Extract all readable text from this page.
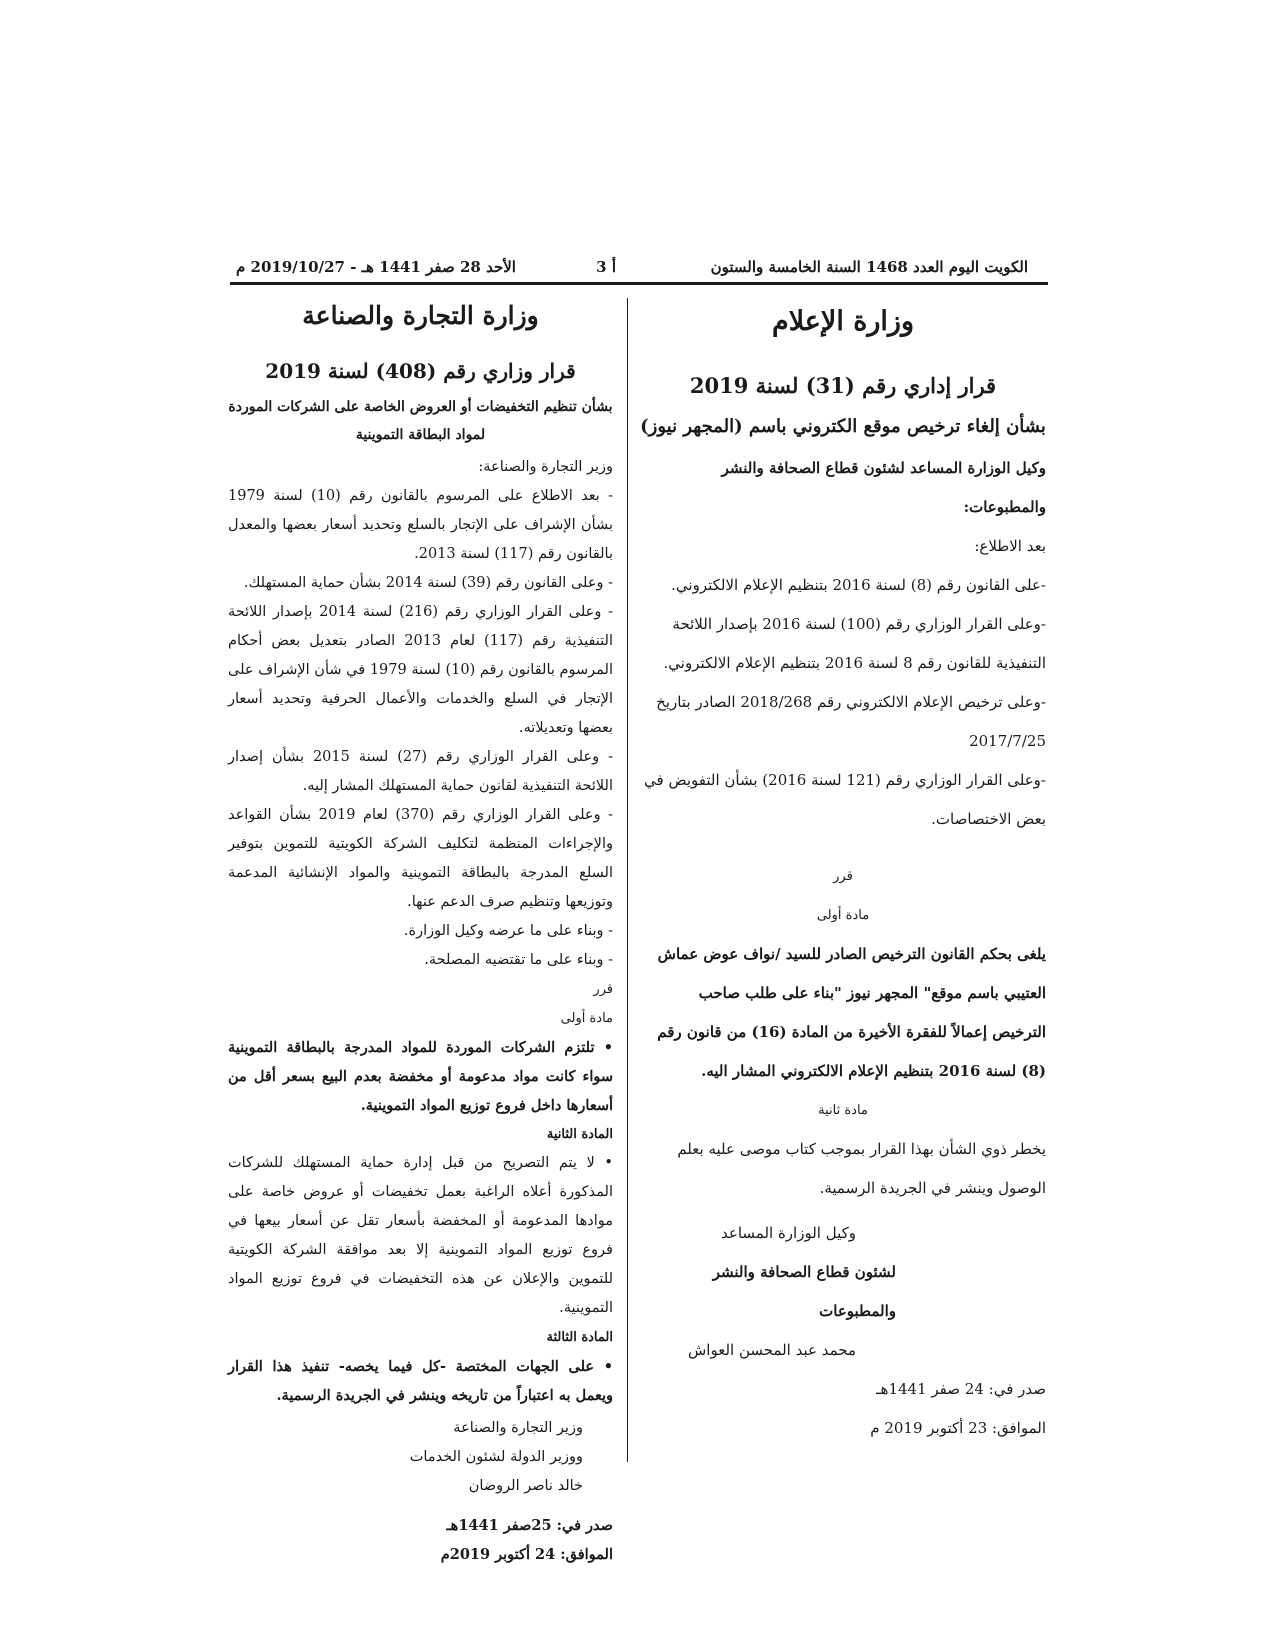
الكويت اليوم العدد 1468 السنة الخامسة والستون
أ 3
الأحد 28 صفر 1441 هـ - 2019/10/27 م

وزارة الإعلام

قرار إداري رقم (31) لسنة 2019

بشأن إلغاء ترخيص موقع الكتروني باسم (المجهر نيوز)

وكيل الوزارة المساعد لشئون قطاع الصحافة والنشر والمطبوعات:

بعد الاطلاع:

-على القانون رقم (8) لسنة 2016 بتنظيم الإعلام الالكتروني.

-وعلى القرار الوزاري رقم (100) لسنة 2016 بإصدار اللائحة التنفيذية للقانون رقم 8 لسنة 2016 بتنظيم الإعلام الالكتروني.

-وعلى ترخيص الإعلام الالكتروني رقم 2018/268 الصادر بتاريخ 2017/7/25

-وعلى القرار الوزاري رقم (121 لسنة 2016) بشأن التفويض في بعض الاختصاصات.

قرر

مادة أولى

يلغى بحكم القانون الترخيص الصادر للسيد /نواف عوض عماش العتيبي باسم موقع" المجهر نيوز "بناء على طلب صاحب الترخيص إعمالاً للفقرة الأخيرة من المادة (16) من قانون رقم (8) لسنة 2016 بتنظيم الإعلام الالكتروني المشار اليه.

مادة ثانية

يخطر ذوي الشأن بهذا القرار بموجب كتاب موصى عليه بعلم الوصول وينشر في الجريدة الرسمية.

وكيل الوزارة المساعد

لشئون قطاع الصحافة والنشر والمطبوعات

محمد عبد المحسن العواش

صدر في: 24 صفر 1441هـ

الموافق: 23 أكتوبر 2019 م

وزارة التجارة والصناعة

قرار وزاري رقم (408) لسنة 2019

بشأن تنظيم التخفيضات أو العروض الخاصة على الشركات الموردة لمواد البطاقة التموينية

وزير التجارة والصناعة:

- بعد الاطلاع على المرسوم بالقانون رقم (10) لسنة 1979 بشأن الإشراف على الإتجار بالسلع وتحديد أسعار بعضها والمعدل بالقانون رقم (117) لسنة 2013.

- وعلى القانون رقم (39) لسنة 2014 بشأن حماية المستهلك.

- وعلى القرار الوزاري رقم (216) لسنة 2014 بإصدار اللائحة التنفيذية رقم (117) لعام 2013 الصادر بتعديل بعض أحكام المرسوم بالقانون رقم (10) لسنة 1979 في شأن الإشراف على الإتجار في السلع والخدمات والأعمال الحرفية وتحديد أسعار بعضها وتعديلاته.

- وعلى القرار الوزاري رقم (27) لسنة 2015 بشأن إصدار اللائحة التنفيذية لقانون حماية المستهلك المشار إليه.

- وعلى القرار الوزاري رقم (370) لعام 2019 بشأن القواعد والإجراءات المنظمة لتكليف الشركة الكويتية للتموين بتوفير السلع المدرجة بالبطاقة التموينية والمواد الإنشائية المدعمة وتوزيعها وتنظيم صرف الدعم عنها.

- وبناء على ما عرضه وكيل الوزارة.

- وبناء على ما تقتضيه المصلحة.

قرر

مادة أولى

• تلتزم الشركات الموردة للمواد المدرجة بالبطاقة التموينية سواء كانت مواد مدعومة أو مخفضة بعدم البيع بسعر أقل من أسعارها داخل فروع توزيع المواد التموينية.

المادة الثانية

• لا يتم التصريح من قبل إدارة حماية المستهلك للشركات المذكورة أعلاه الراغبة بعمل تخفيضات أو عروض خاصة على موادها المدعومة أو المخفضة بأسعار تقل عن أسعار بيعها في فروع توزيع المواد التموينية إلا بعد موافقة الشركة الكويتية للتموين والإعلان عن هذه التخفيضات في فروع توزيع المواد التموينية.

المادة الثالثة

• على الجهات المختصة -كل فيما يخصه- تنفيذ هذا القرار ويعمل به اعتباراً من تاريخه وينشر في الجريدة الرسمية.

وزير التجارة والصناعة

ووزير الدولة لشئون الخدمات

خالد ناصر الروضان

صدر في: 25صفر 1441هـ

الموافق: 24 أكتوبر 2019م
